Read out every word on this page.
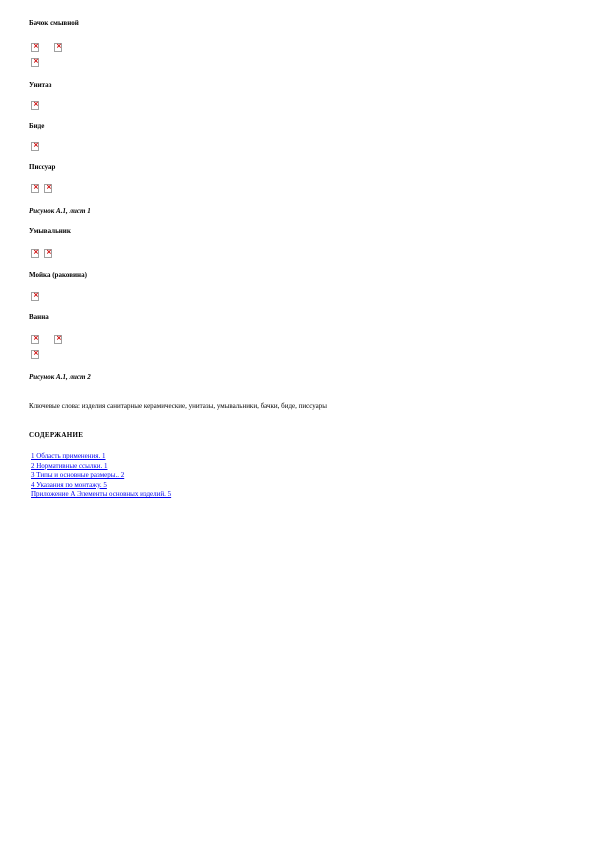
Бачок смывной
×
×
×
Унитаз
×
Биде
×
Писсуар
×
×
Рисунок А.1, лист 1
Умывальник
×
×
Мойка (раковина)
×
Ванна
×
×
×
Рисунок А.1, лист 2
Ключевые слова: изделия санитарные керамические, унитазы, умывальники, бачки, биде, писсуары
СОДЕРЖАНИЕ
1 Область применения. 1
2 Нормативные ссылки. 1
3 Типы и основные размеры.. 2
4 Указания по монтажу. 5
Приложение А Элементы основных изделий. 5
